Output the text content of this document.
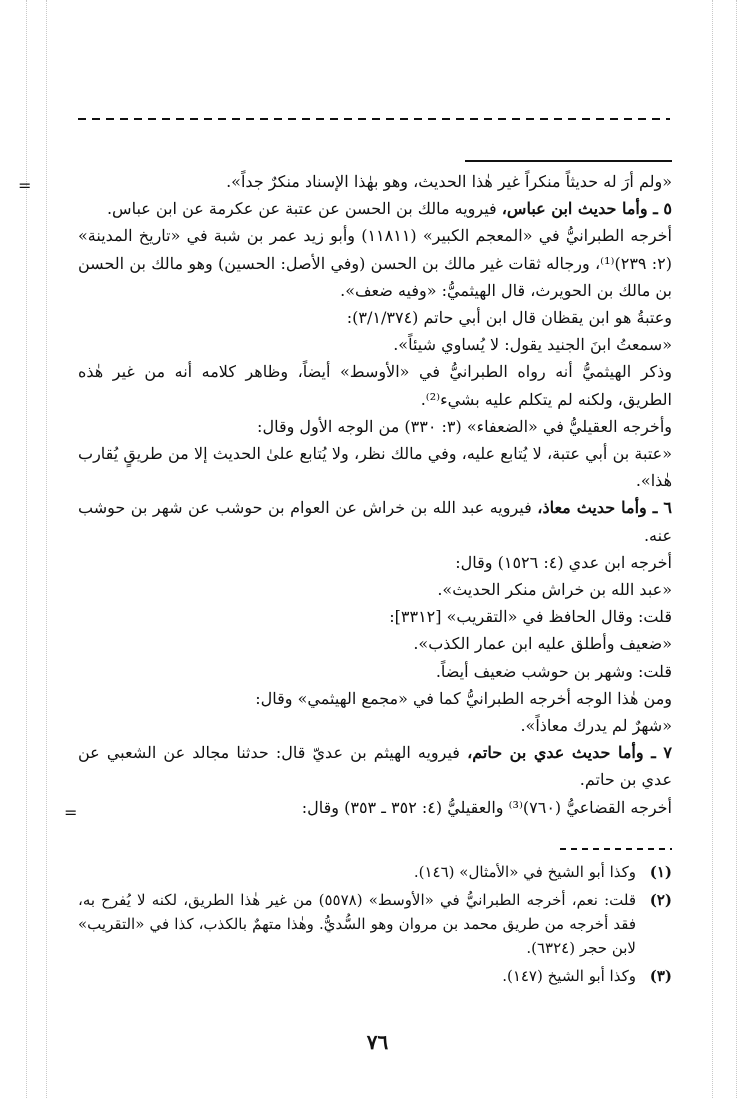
=
=

«ولم أرَ له حديثاً منكراً غير هٰذا الحديث، وهو بهٰذا الإسناد منكرٌ جداً».

٥ ـ وأما حديث ابن عباس، فيرويه مالك بن الحسن عن عتبة عن عكرمة عن ابن عباس.

أخرجه الطبرانيُّ في «المعجم الكبير» (١١٨١١) وأبو زيد عمر بن شبة في «تاريخ المدينة» (٢: ٢٣٩)⁽¹⁾، ورجاله ثقات غير مالك بن الحسن (وفي الأصل: الحسين) وهو مالك بن الحسن بن مالك بن الحويرث، قال الهيثميُّ: «وفيه ضعف».

وعتبةُ هو ابن يقظان قال ابن أبي حاتم (٣/١/٣٧٤):

«سمعتُ ابنَ الجنيد يقول: لا يُساوي شيئاً».

وذكر الهيثميُّ أنه رواه الطبرانيُّ في «الأوسط» أيضاً، وظاهر كلامه أنه من غير هٰذه الطريق، ولكنه لم يتكلم عليه بشيء⁽²⁾.

وأخرجه العقيليُّ في «الضعفاء» (٣: ٣٣٠) من الوجه الأول وقال:

«عتبة بن أبي عتبة، لا يُتابع عليه، وفي مالك نظر، ولا يُتابع علىٰ الحديث إلا من طريقٍ يُقارب هٰذا».

٦ ـ وأما حديث معاذ، فيرويه عبد الله بن خراش عن العوام بن حوشب عن شهر بن حوشب عنه.

أخرجه ابن عدي (٤: ١٥٢٦) وقال:

«عبد الله بن خراش منكر الحديث».

قلت: وقال الحافظ في «التقريب» [٣٣١٢]:

«ضعيف وأطلق عليه ابن عمار الكذب».

قلت: وشهر بن حوشب ضعيف أيضاً.

ومن هٰذا الوجه أخرجه الطبرانيُّ كما في «مجمع الهيثمي» وقال:

«شهرٌ لم يدرك معاذاً».

٧ ـ وأما حديث عدي بن حاتم، فيرويه الهيثم بن عديّ قال: حدثنا مجالد عن الشعبي عن عدي بن حاتم.

أخرجه القضاعيُّ (٧٦٠)⁽³⁾ والعقيليُّ (٤: ٣٥٢ ـ ٣٥٣) وقال:

(١)
وكذا أبو الشيخ في «الأمثال» (١٤٦).
(٢)
قلت: نعم، أخرجه الطبرانيُّ في «الأوسط» (٥٥٧٨) من غير هٰذا الطريق، لكنه لا يُفرح به، فقد أخرجه من طريق محمد بن مروان وهو السُّديُّ. وهٰذا متهمٌ بالكذب، كذا في «التقريب» لابن حجر (٦٣٢٤).
(٣)
وكذا أبو الشيخ (١٤٧).
٧٦
